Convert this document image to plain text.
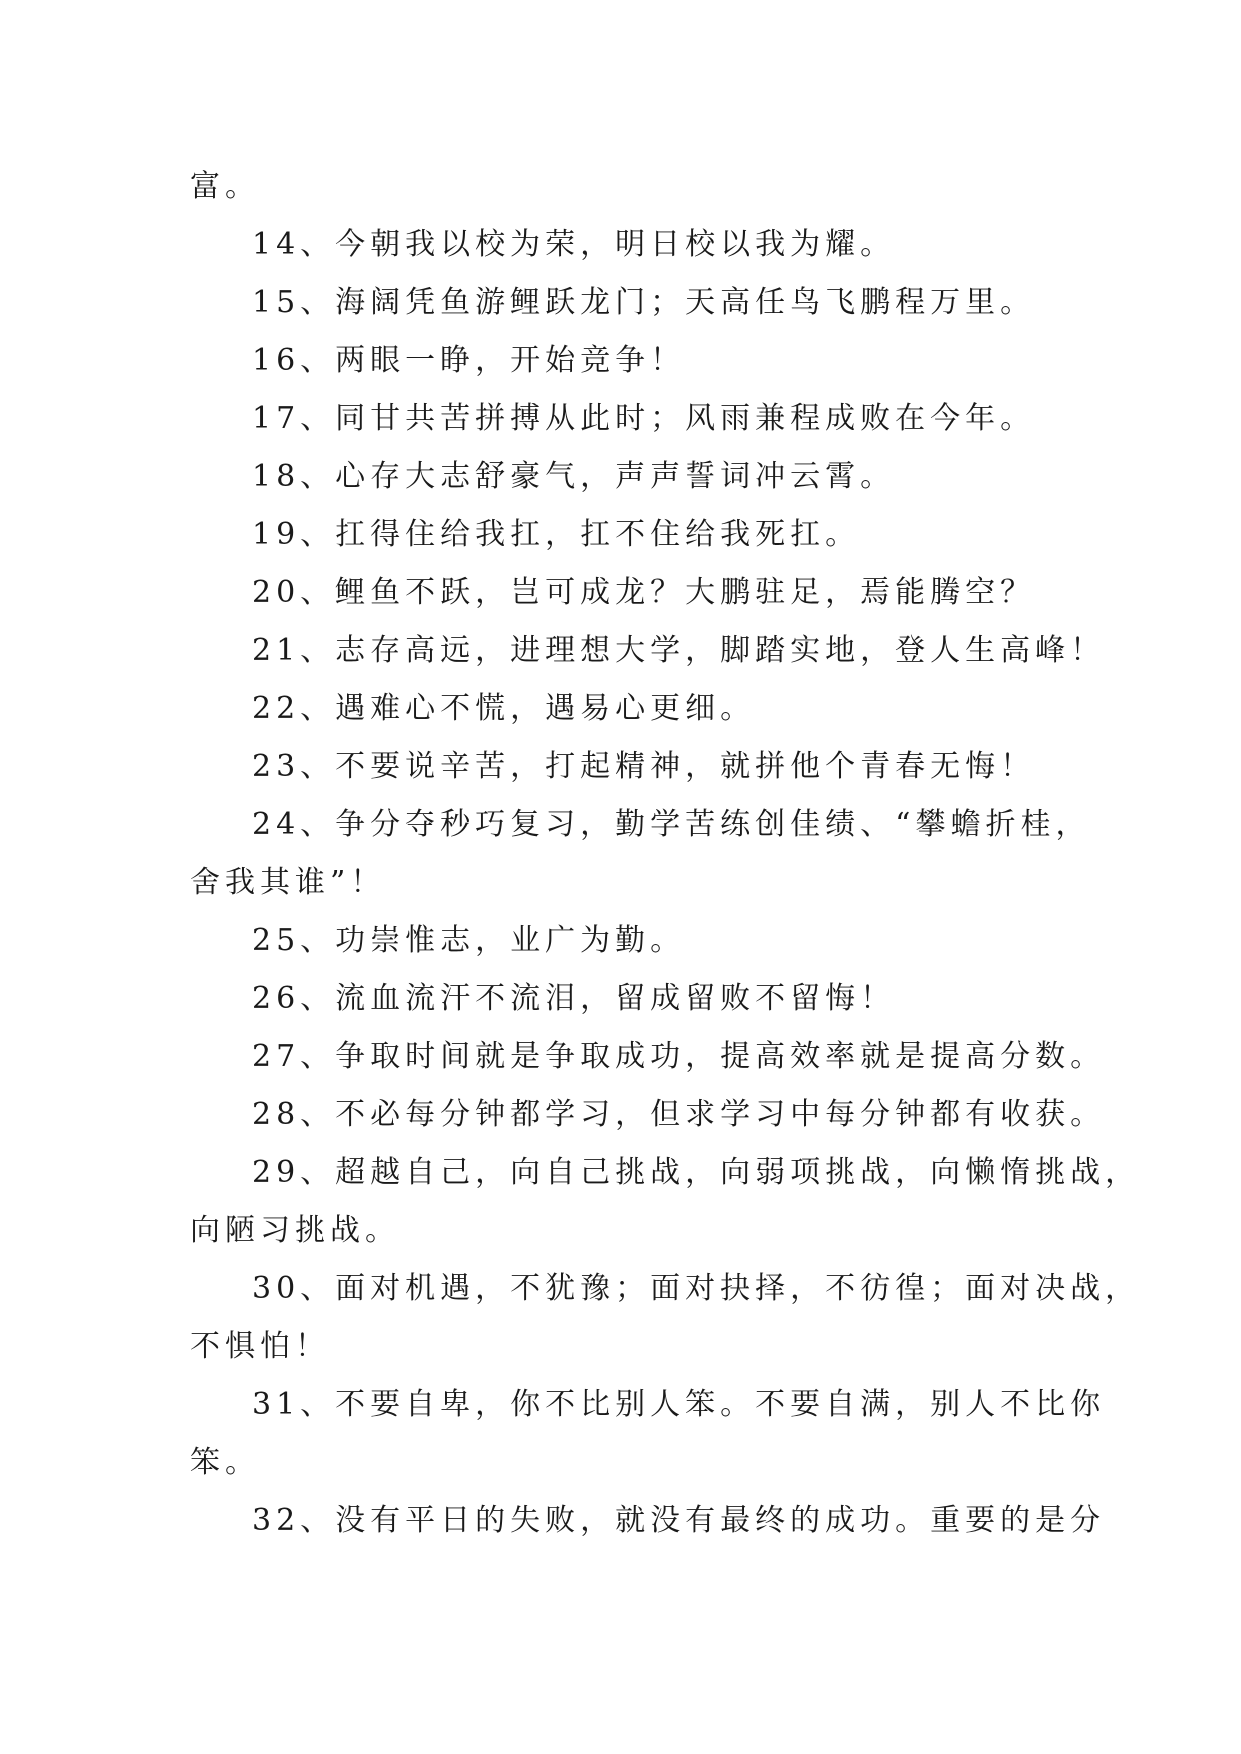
富。

14、今朝我以校为荣，明日校以我为耀。

15、海阔凭鱼游鲤跃龙门；天高任鸟飞鹏程万里。

16、两眼一睁，开始竞争！

17、同甘共苦拼搏从此时；风雨兼程成败在今年。

18、心存大志舒豪气，声声誓词冲云霄。

19、扛得住给我扛，扛不住给我死扛。

20、鲤鱼不跃，岂可成龙？大鹏驻足，焉能腾空？

21、志存高远，进理想大学，脚踏实地，登人生高峰！

22、遇难心不慌，遇易心更细。

23、不要说辛苦，打起精神，就拼他个青春无悔！

24、争分夺秒巧复习，勤学苦练创佳绩、“攀蟾折桂，

舍我其谁”！

25、功崇惟志，业广为勤。

26、流血流汗不流泪，留成留败不留悔！

27、争取时间就是争取成功，提高效率就是提高分数。

28、不必每分钟都学习，但求学习中每分钟都有收获。

29、超越自己，向自己挑战，向弱项挑战，向懒惰挑战，

向陋习挑战。

30、面对机遇，不犹豫；面对抉择，不彷徨；面对决战，

不惧怕！

31、不要自卑，你不比别人笨。不要自满，别人不比你

笨。

32、没有平日的失败，就没有最终的成功。重要的是分
